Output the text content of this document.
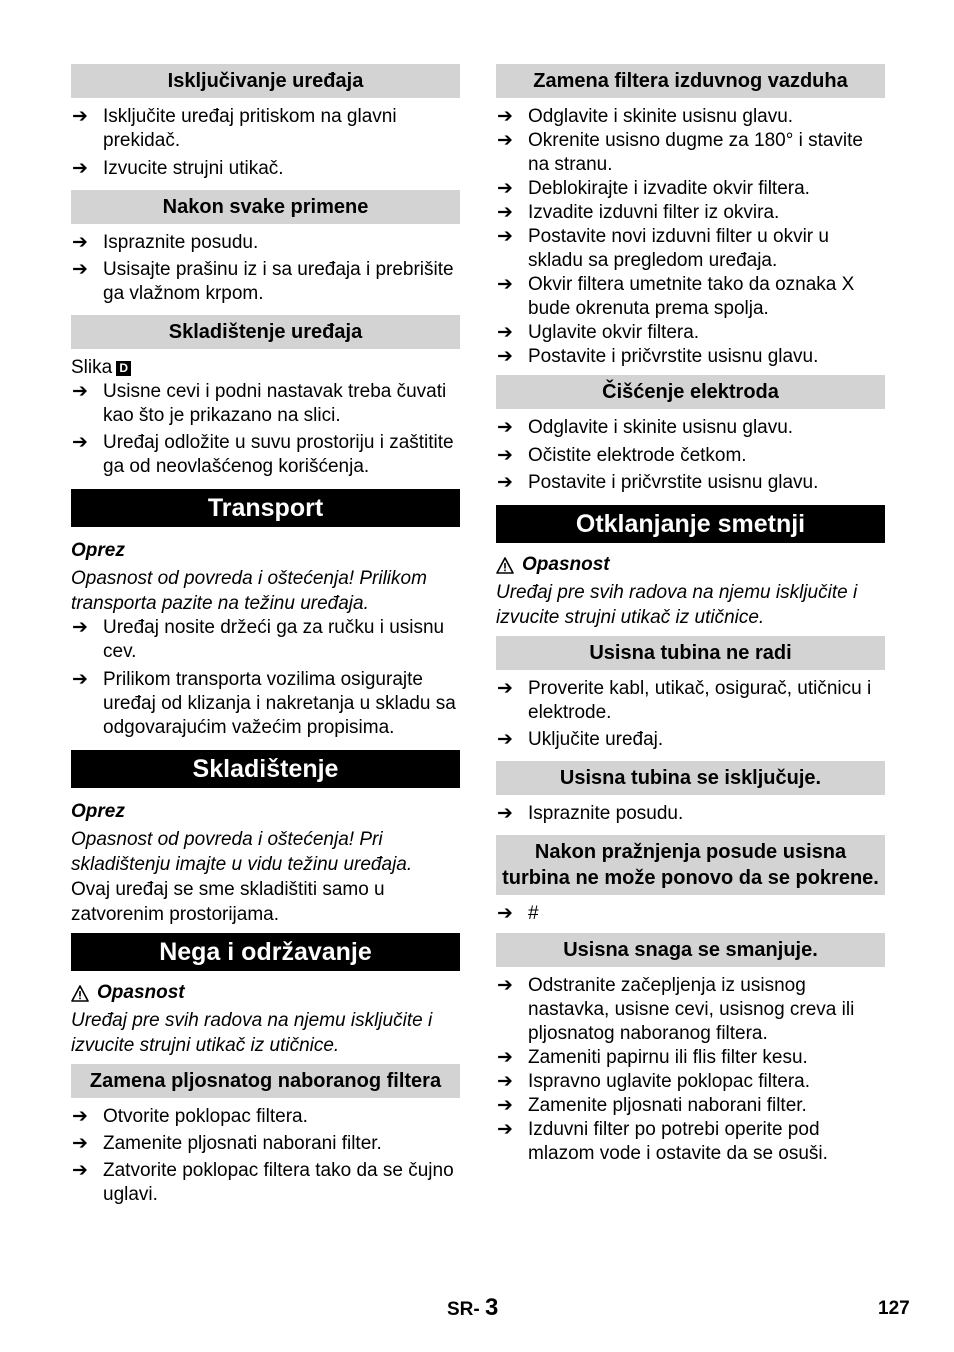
Isključivanje uređaja
➔ Isključite uređaj pritiskom na glavni prekidač.
➔ Izvucite strujni utikač.
Nakon svake primene
➔ Ispraznite posudu.
➔ Usisajte prašinu iz i sa uređaja i prebrišite ga vlažnom krpom.
Skladištenje uređaja
Slika D
➔ Usisne cevi i podni nastavak treba čuvati kao što je prikazano na slici.
➔ Uređaj odložite u suvu prostoriju i zaštitite ga od neovlašćenog korišćenja.
Transport
Oprez
Opasnost od povreda i oštećenja! Prilikom transporta pazite na težinu uređaja.
➔ Uređaj nosite držeći ga za ručku i usisnu cev.
➔ Prilikom transporta vozilima osigurajte uređaj od klizanja i nakretanja u skladu sa odgovarajućim važećim propisima.
Skladištenje
Oprez
Opasnost od povreda i oštećenja! Pri skladištenju imajte u vidu težinu uređaja.
Ovaj uređaj se sme skladištiti samo u zatvorenim prostorijama.
Nega i održavanje
Opasnost
Uređaj pre svih radova na njemu isključite i izvucite strujni utikač iz utičnice.
Zamena pljosnatog naboranog filtera
➔ Otvorite poklopac filtera.
➔ Zamenite pljosnati naborani filter.
➔ Zatvorite poklopac filtera tako da se čujno uglavi.
Zamena filtera izduvnog vazduha
➔ Odglavite i skinite usisnu glavu.
➔ Okrenite usisno dugme za 180° i stavite na stranu.
➔ Deblokirajte i izvadite okvir filtera.
➔ Izvadite izduvni filter iz okvira.
➔ Postavite novi izduvni filter u okvir u skladu sa pregledom uređaja.
➔ Okvir filtera umetnite tako da oznaka X bude okrenuta prema spolja.
➔ Uglavite okvir filtera.
➔ Postavite i pričvrstite usisnu glavu.
Čišćenje elektroda
➔ Odglavite i skinite usisnu glavu.
➔ Očistite elektrode četkom.
➔ Postavite i pričvrstite usisnu glavu.
Otklanjanje smetnji
Opasnost
Uređaj pre svih radova na njemu isključite i izvucite strujni utikač iz utičnice.
Usisna tubina ne radi
➔ Proverite kabl, utikač, osigurač, utičnicu i elektrode.
➔ Uključite uređaj.
Usisna tubina se isključuje.
➔ Ispraznite posudu.
Nakon pražnjenja posude usisna turbina ne može ponovo da se pokrene.
➔ #
Usisna snaga se smanjuje.
➔ Odstranite začepljenja iz usisnog nastavka, usisne cevi, usisnog creva ili pljosnatog naboranog filtera.
➔ Zameniti papirnu ili flis filter kesu.
➔ Ispravno uglavite poklopac filtera.
➔ Zamenite pljosnati naborani filter.
➔ Izduvni filter po potrebi operite pod mlazom vode i ostavite da se osuši.
SR- 3	127
